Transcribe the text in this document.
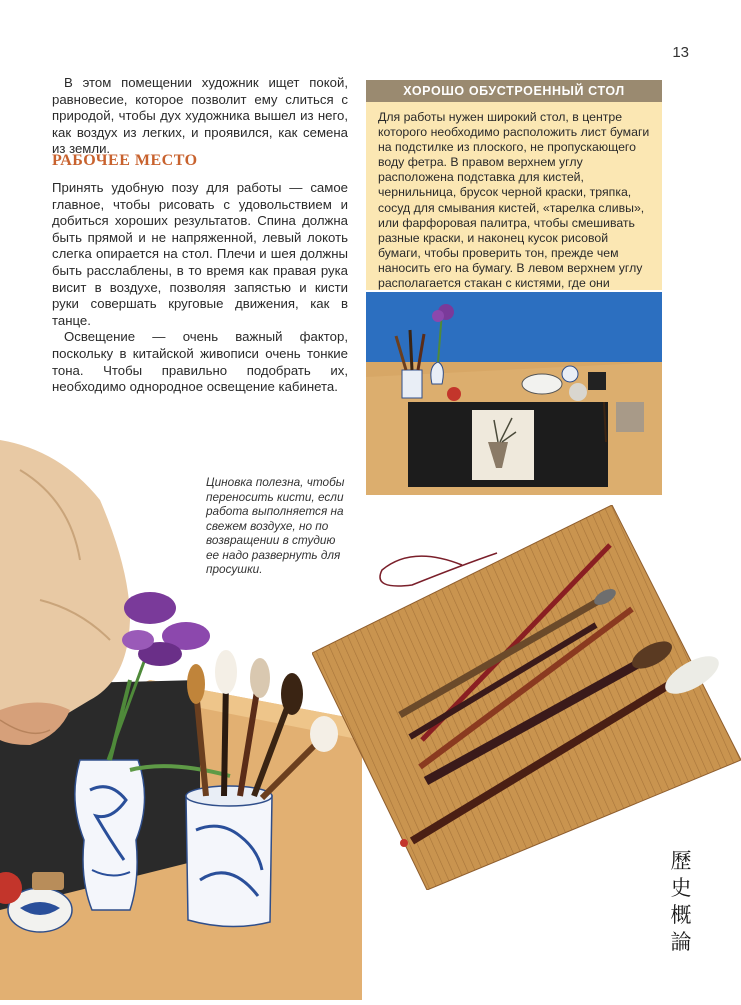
13

В этом помещении художник ищет покой, равновесие, которое позволит ему слиться с природой, чтобы дух художника вышел из него, как воздух из легких, и проявился, как семена из земли.

РАБОЧЕЕ МЕСТО

Принять удобную позу для работы — самое главное, чтобы рисовать с удовольствием и добиться хороших результатов. Спина должна быть прямой и не напряженной, левый локоть слегка опирается на стол. Плечи и шея должны быть расслаблены, в то время как правая рука висит в воздухе, позволяя запястью и кисти руки совершать круговые движения, как в танце.

Освещение — очень важный фактор, поскольку в китайской живописи очень тонкие тона. Чтобы правильно подобрать их, необходимо однородное освещение кабинета.

ХОРОШО ОБУСТРОЕННЫЙ СТОЛ
Для работы нужен широкий стол, в центре которого необходимо расположить лист бумаги на подстилке из плоского, не пропускающего воду фетра. В правом верхнем углу расположена подставка для кистей, чернильница, брусок черной краски, тряпка, сосуд для смывания кистей, «тарелка сливы», или фарфоровая палитра, чтобы смешивать разные краски, и наконец кусок рисовой бумаги, чтобы проверить тон, прежде чем наносить его на бумагу. В левом верхнем углу располагается стакан с кистями, где они

Циновка полезна, чтобы переносить кисти, если работа выполняется на свежем воздухе, но по возвращении в студию ее надо развернуть для просушки.

歷
史
概
論
